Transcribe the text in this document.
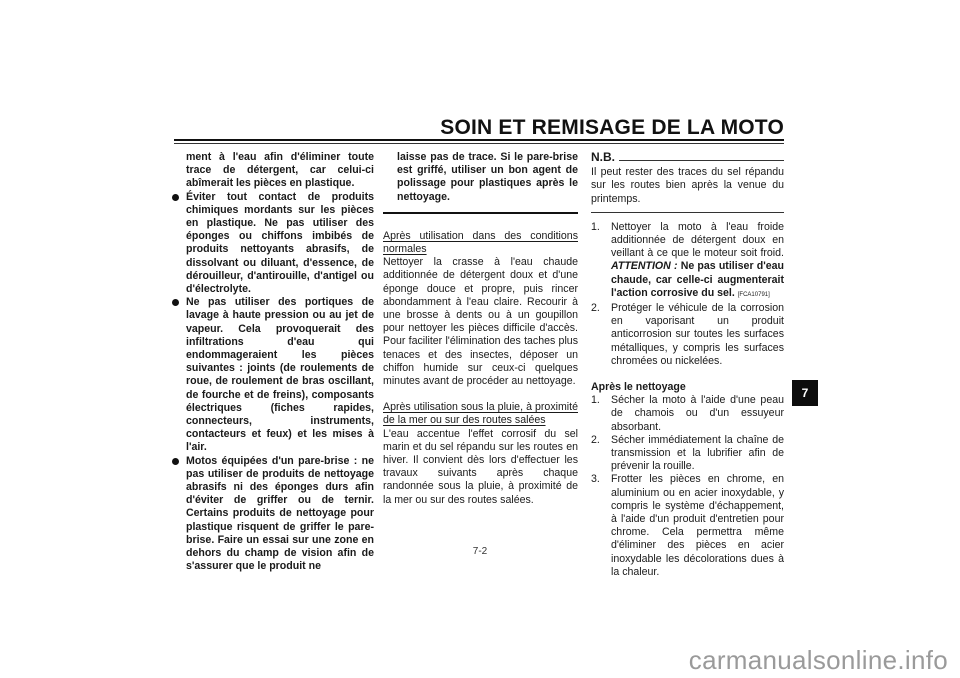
SOIN ET REMISAGE DE LA MOTO
ment à l'eau afin d'éliminer toute trace de détergent, car celui-ci abîmerait les pièces en plastique.
Éviter tout contact de produits chimiques mordants sur les pièces en plastique. Ne pas utiliser des éponges ou chiffons imbibés de produits nettoyants abrasifs, de dissolvant ou diluant, d'essence, de dérouilleur, d'antirouille, d'antigel ou d'électrolyte.
Ne pas utiliser des portiques de lavage à haute pression ou au jet de vapeur. Cela provoquerait des infiltrations d'eau qui endommageraient les pièces suivantes : joints (de roulements de roue, de roulement de bras oscillant, de fourche et de freins), composants électriques (fiches rapides, connecteurs, instruments, contacteurs et feux) et les mises à l'air.
Motos équipées d'un pare-brise : ne pas utiliser de produits de nettoyage abrasifs ni des éponges durs afin d'éviter de griffer ou de ternir. Certains produits de nettoyage pour plastique risquent de griffer le pare-brise. Faire un essai sur une zone en dehors du champ de vision afin de s'assurer que le produit ne
laisse pas de trace. Si le pare-brise est griffé, utiliser un bon agent de polissage pour plastiques après le nettoyage.
Après utilisation dans des conditions normales
Nettoyer la crasse à l'eau chaude additionnée de détergent doux et d'une éponge douce et propre, puis rincer abondamment à l'eau claire. Recourir à une brosse à dents ou à un goupillon pour nettoyer les pièces difficile d'accès. Pour faciliter l'élimination des taches plus tenaces et des insectes, déposer un chiffon humide sur ceux-ci quelques minutes avant de procéder au nettoyage.
Après utilisation sous la pluie, à proximité de la mer ou sur des routes salées
L'eau accentue l'effet corrosif du sel marin et du sel répandu sur les routes en hiver. Il convient dès lors d'effectuer les travaux suivants après chaque randonnée sous la pluie, à proximité de la mer ou sur des routes salées.
N.B.
Il peut rester des traces du sel répandu sur les routes bien après la venue du printemps.
1.	Nettoyer la moto à l'eau froide additionnée de détergent doux en veillant à ce que le moteur soit froid. ATTENTION : Ne pas utiliser d'eau chaude, car celle-ci augmenterait l'action corrosive du sel. [FCA10791]
2.	Protéger le véhicule de la corrosion en vaporisant un produit anticorrosion sur toutes les surfaces métalliques, y compris les surfaces chromées ou nickelées.
Après le nettoyage
1.	Sécher la moto à l'aide d'une peau de chamois ou d'un essuyeur absorbant.
2.	Sécher immédiatement la chaîne de transmission et la lubrifier afin de prévenir la rouille.
3.	Frotter les pièces en chrome, en aluminium ou en acier inoxydable, y compris le système d'échappement, à l'aide d'un produit d'entretien pour chrome. Cela permettra même d'éliminer des pièces en acier inoxydable les décolorations dues à la chaleur.
7
7-2
carmanualsonline.info
